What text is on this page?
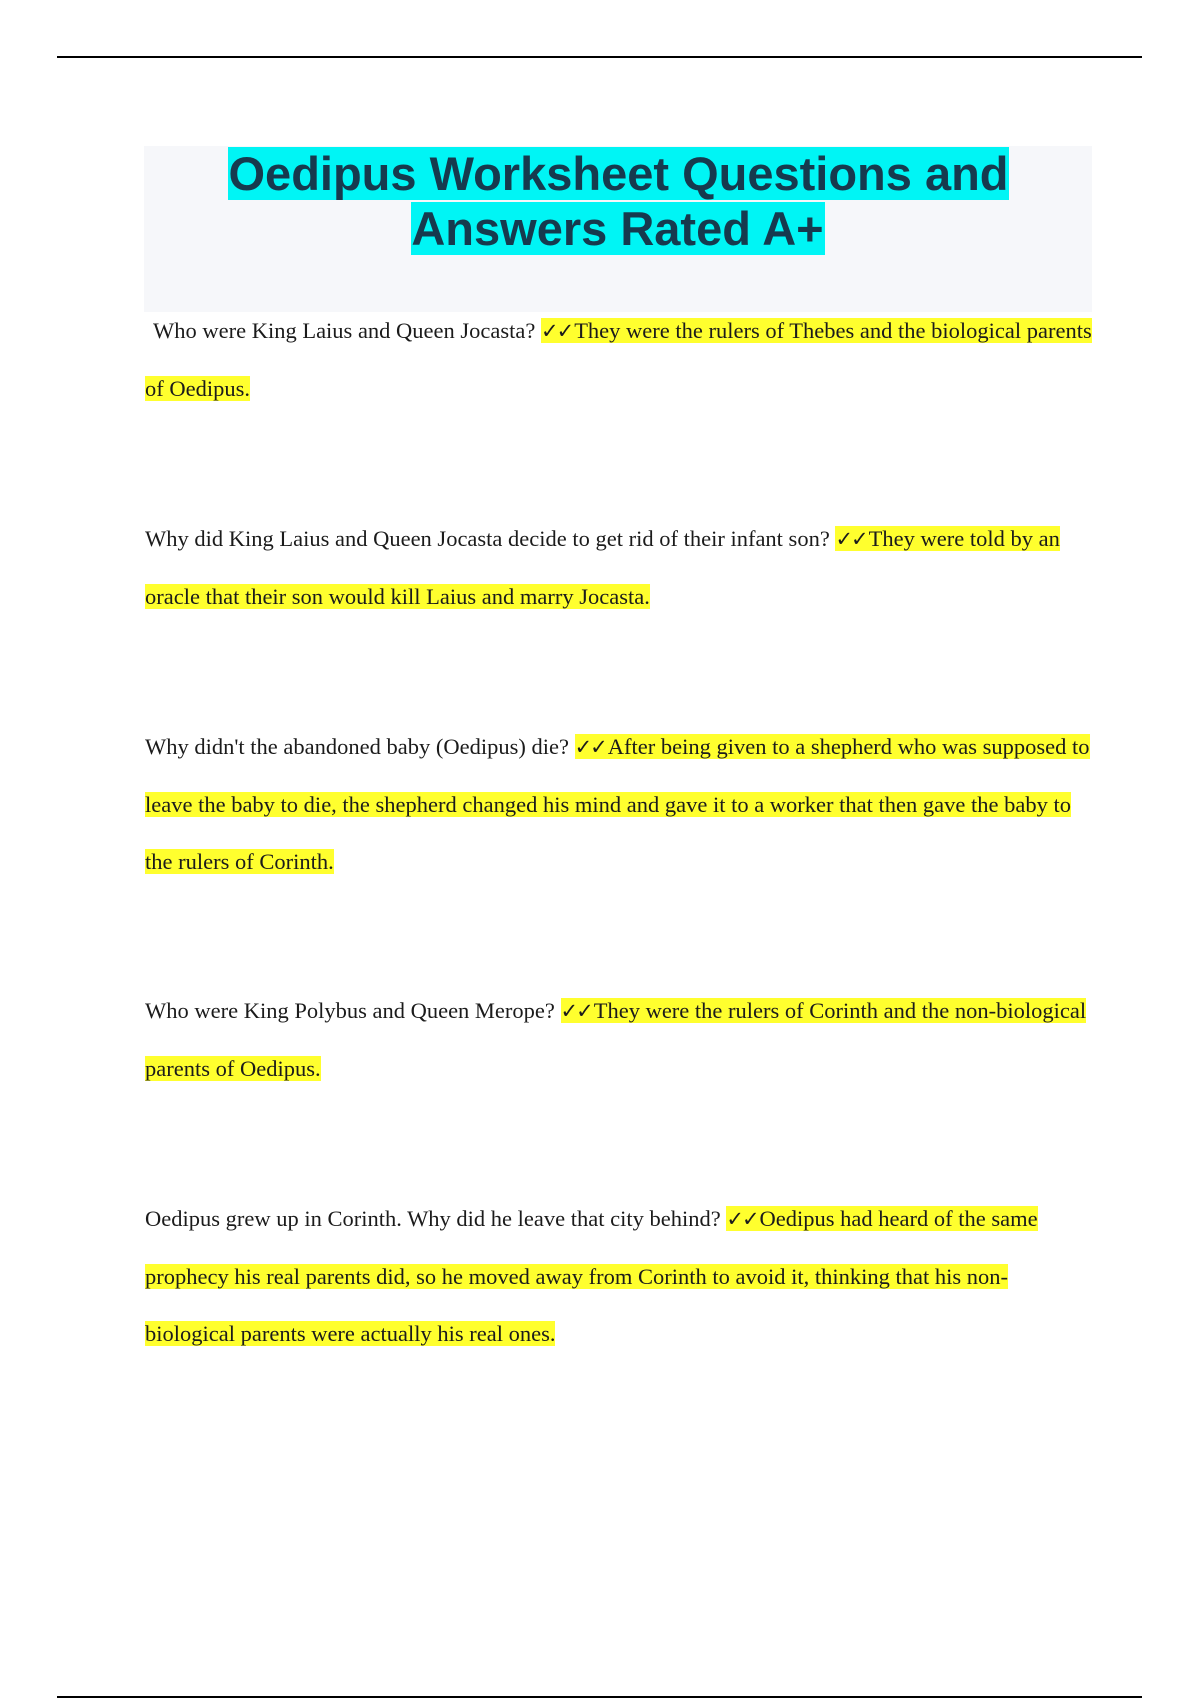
Oedipus Worksheet Questions and Answers Rated A+
Who were King Laius and Queen Jocasta? ✓✓They were the rulers of Thebes and the biological parents of Oedipus.
Why did King Laius and Queen Jocasta decide to get rid of their infant son? ✓✓They were told by an oracle that their son would kill Laius and marry Jocasta.
Why didn't the abandoned baby (Oedipus) die? ✓✓After being given to a shepherd who was supposed to leave the baby to die, the shepherd changed his mind and gave it to a worker that then gave the baby to the rulers of Corinth.
Who were King Polybus and Queen Merope? ✓✓They were the rulers of Corinth and the non-biological parents of Oedipus.
Oedipus grew up in Corinth. Why did he leave that city behind? ✓✓Oedipus had heard of the same prophecy his real parents did, so he moved away from Corinth to avoid it, thinking that his non-biological parents were actually his real ones.
